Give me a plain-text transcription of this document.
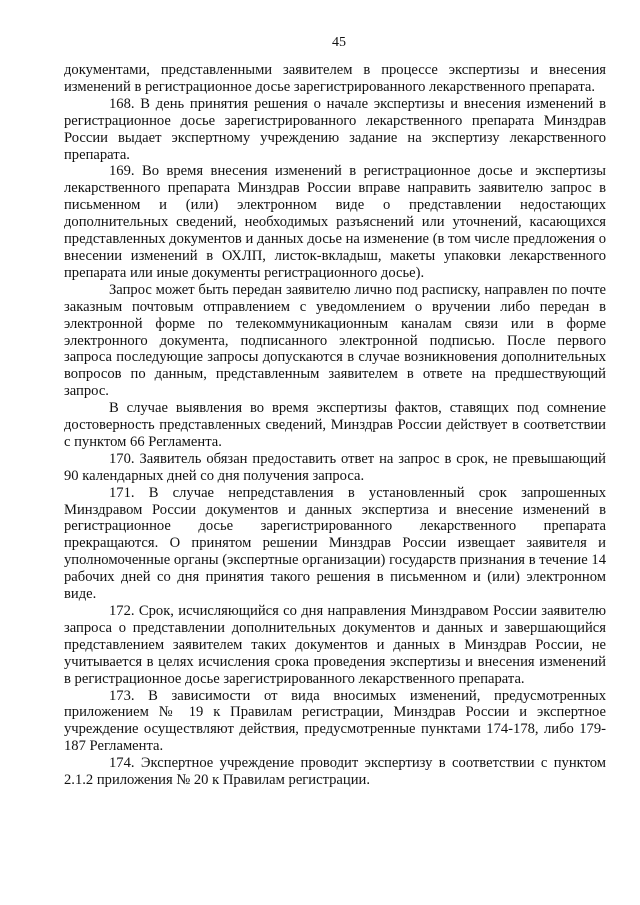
45

документами, представленными заявителем в процессе экспертизы и внесения изменений в регистрационное досье зарегистрированного лекарственного препарата.

168. В день принятия решения о начале экспертизы и внесения изменений в регистрационное досье зарегистрированного лекарственного препарата Минздрав России выдает экспертному учреждению задание на экспертизу лекарственного препарата.

169. Во время внесения изменений в регистрационное досье и экспертизы лекарственного препарата Минздрав России вправе направить заявителю запрос в письменном и (или) электронном виде о представлении недостающих дополнительных сведений, необходимых разъяснений или уточнений, касающихся представленных документов и данных досье на изменение (в том числе предложения о внесении изменений в ОХЛП, листок-вкладыш, макеты упаковки лекарственного препарата или иные документы регистрационного досье).

Запрос может быть передан заявителю лично под расписку, направлен по почте заказным почтовым отправлением с уведомлением о вручении либо передан в электронной форме по телекоммуникационным каналам связи или в форме электронного документа, подписанного электронной подписью. После первого запроса последующие запросы допускаются в случае возникновения дополнительных вопросов по данным, представленным заявителем в ответе на предшествующий запрос.

В случае выявления во время экспертизы фактов, ставящих под сомнение достоверность представленных сведений, Минздрав России действует в соответствии с пунктом 66 Регламента.

170. Заявитель обязан предоставить ответ на запрос в срок, не превышающий 90 календарных дней со дня получения запроса.

171. В случае непредставления в установленный срок запрошенных Минздравом России документов и данных экспертиза и внесение изменений в регистрационное досье зарегистрированного лекарственного препарата прекращаются. О принятом решении Минздрав России извещает заявителя и уполномоченные органы (экспертные организации) государств признания в течение 14 рабочих дней со дня принятия такого решения в письменном и (или) электронном виде.

172. Срок, исчисляющийся со дня направления Минздравом России заявителю запроса о представлении дополнительных документов и данных и завершающийся представлением заявителем таких документов и данных в Минздрав России, не учитывается в целях исчисления срока проведения экспертизы и внесения изменений в регистрационное досье зарегистрированного лекарственного препарата.

173. В зависимости от вида вносимых изменений, предусмотренных приложением № 19 к Правилам регистрации, Минздрав России и экспертное учреждение осуществляют действия, предусмотренные пунктами 174-178, либо 179-187 Регламента.

174. Экспертное учреждение проводит экспертизу в соответствии с пунктом 2.1.2 приложения № 20 к Правилам регистрации.
